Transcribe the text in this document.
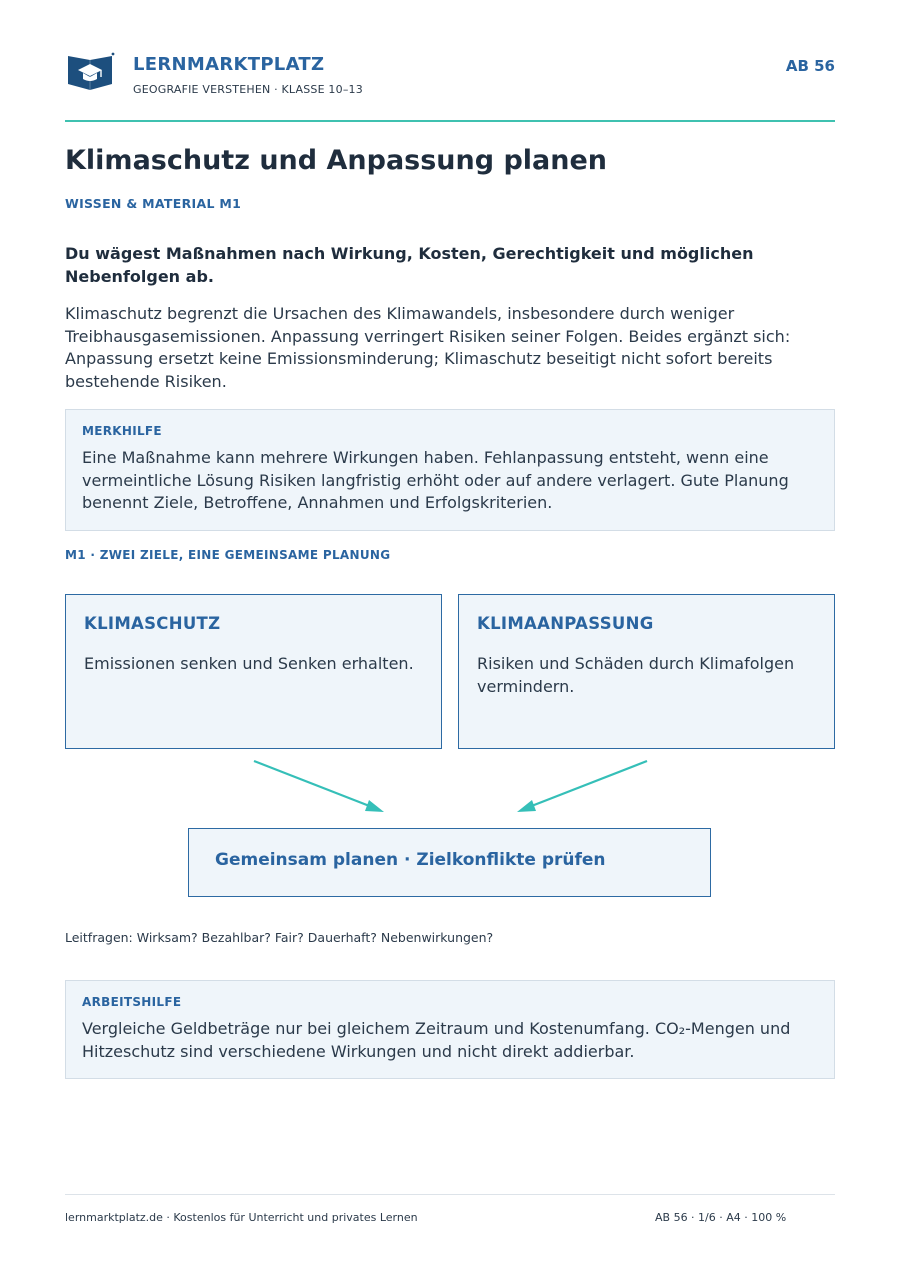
LERNMARKTPLATZ
GEOGRAFIE VERSTEHEN · KLASSE 10–13
AB 56
Klimaschutz und Anpassung planen
WISSEN & MATERIAL M1
Du wägest Maßnahmen nach Wirkung, Kosten, Gerechtigkeit und möglichen Nebenfolgen ab.
Klimaschutz begrenzt die Ursachen des Klimawandels, insbesondere durch weniger Treibhausgasemissionen. Anpassung verringert Risiken seiner Folgen. Beides ergänzt sich: Anpassung ersetzt keine Emissionsminderung; Klimaschutz beseitigt nicht sofort bereits bestehende Risiken.
MERKHILFE
Eine Maßnahme kann mehrere Wirkungen haben. Fehlanpassung entsteht, wenn eine vermeintliche Lösung Risiken langfristig erhöht oder auf andere verlagert. Gute Planung benennt Ziele, Betroffene, Annahmen und Erfolgskriterien.
M1 · ZWEI ZIELE, EINE GEMEINSAME PLANUNG
KLIMASCHUTZ
Emissionen senken und Senken erhalten.
KLIMAANPASSUNG
Risiken und Schäden durch Klimafolgen vermindern.
Gemeinsam planen · Zielkonflikte prüfen
Leitfragen: Wirksam? Bezahlbar? Fair? Dauerhaft? Nebenwirkungen?
ARBEITSHILFE
Vergleiche Geldbeträge nur bei gleichem Zeitraum und Kostenumfang. CO₂-Mengen und Hitzeschutz sind verschiedene Wirkungen und nicht direkt addierbar.
lernmarktplatz.de · Kostenlos für Unterricht und privates Lernen	AB 56 · 1/6 · A4 · 100 %
